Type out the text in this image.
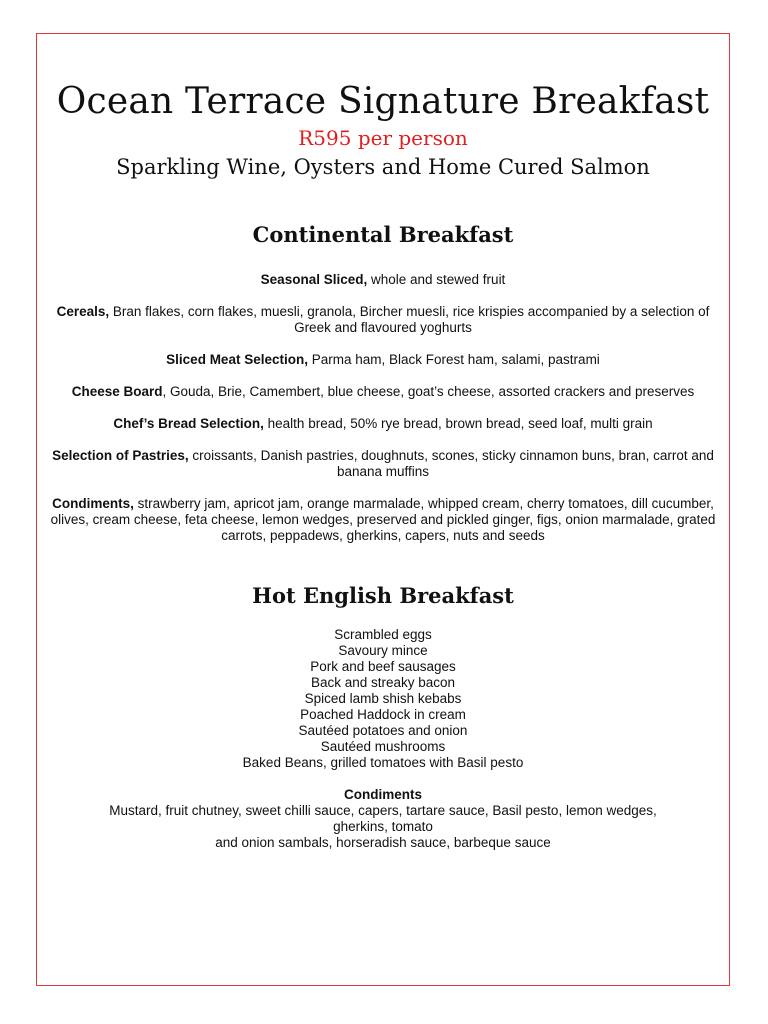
Ocean Terrace Signature Breakfast
R595 per person
Sparkling Wine, Oysters and Home Cured Salmon
Continental Breakfast

Seasonal Sliced, whole and stewed fruit

Cereals, Bran flakes, corn flakes, muesli, granola, Bircher muesli, rice krispies accompanied by a selection of Greek and flavoured yoghurts

Sliced Meat Selection, Parma ham, Black Forest ham, salami, pastrami

Cheese Board, Gouda, Brie, Camembert, blue cheese, goat’s cheese, assorted crackers and preserves

Chef’s Bread Selection, health bread, 50% rye bread, brown bread, seed loaf, multi grain

Selection of Pastries, croissants, Danish pastries, doughnuts, scones, sticky cinnamon buns, bran, carrot and
banana muffins

Condiments, strawberry jam, apricot jam, orange marmalade, whipped cream, cherry tomatoes, dill cucumber, olives, cream cheese, feta cheese, lemon wedges, preserved and pickled ginger, figs, onion marmalade, grated carrots, peppadews, gherkins, capers, nuts and seeds

Hot English Breakfast
Scrambled eggs
Savoury mince
Pork and beef sausages
Back and streaky bacon
Spiced lamb shish kebabs
Poached Haddock in cream
Sautéed potatoes and onion
Sautéed mushrooms
Baked Beans, grilled tomatoes with Basil pesto
Condiments
Mustard, fruit chutney, sweet chilli sauce, capers, tartare sauce, Basil pesto, lemon wedges, gherkins, tomato
and onion sambals, horseradish sauce, barbeque sauce
